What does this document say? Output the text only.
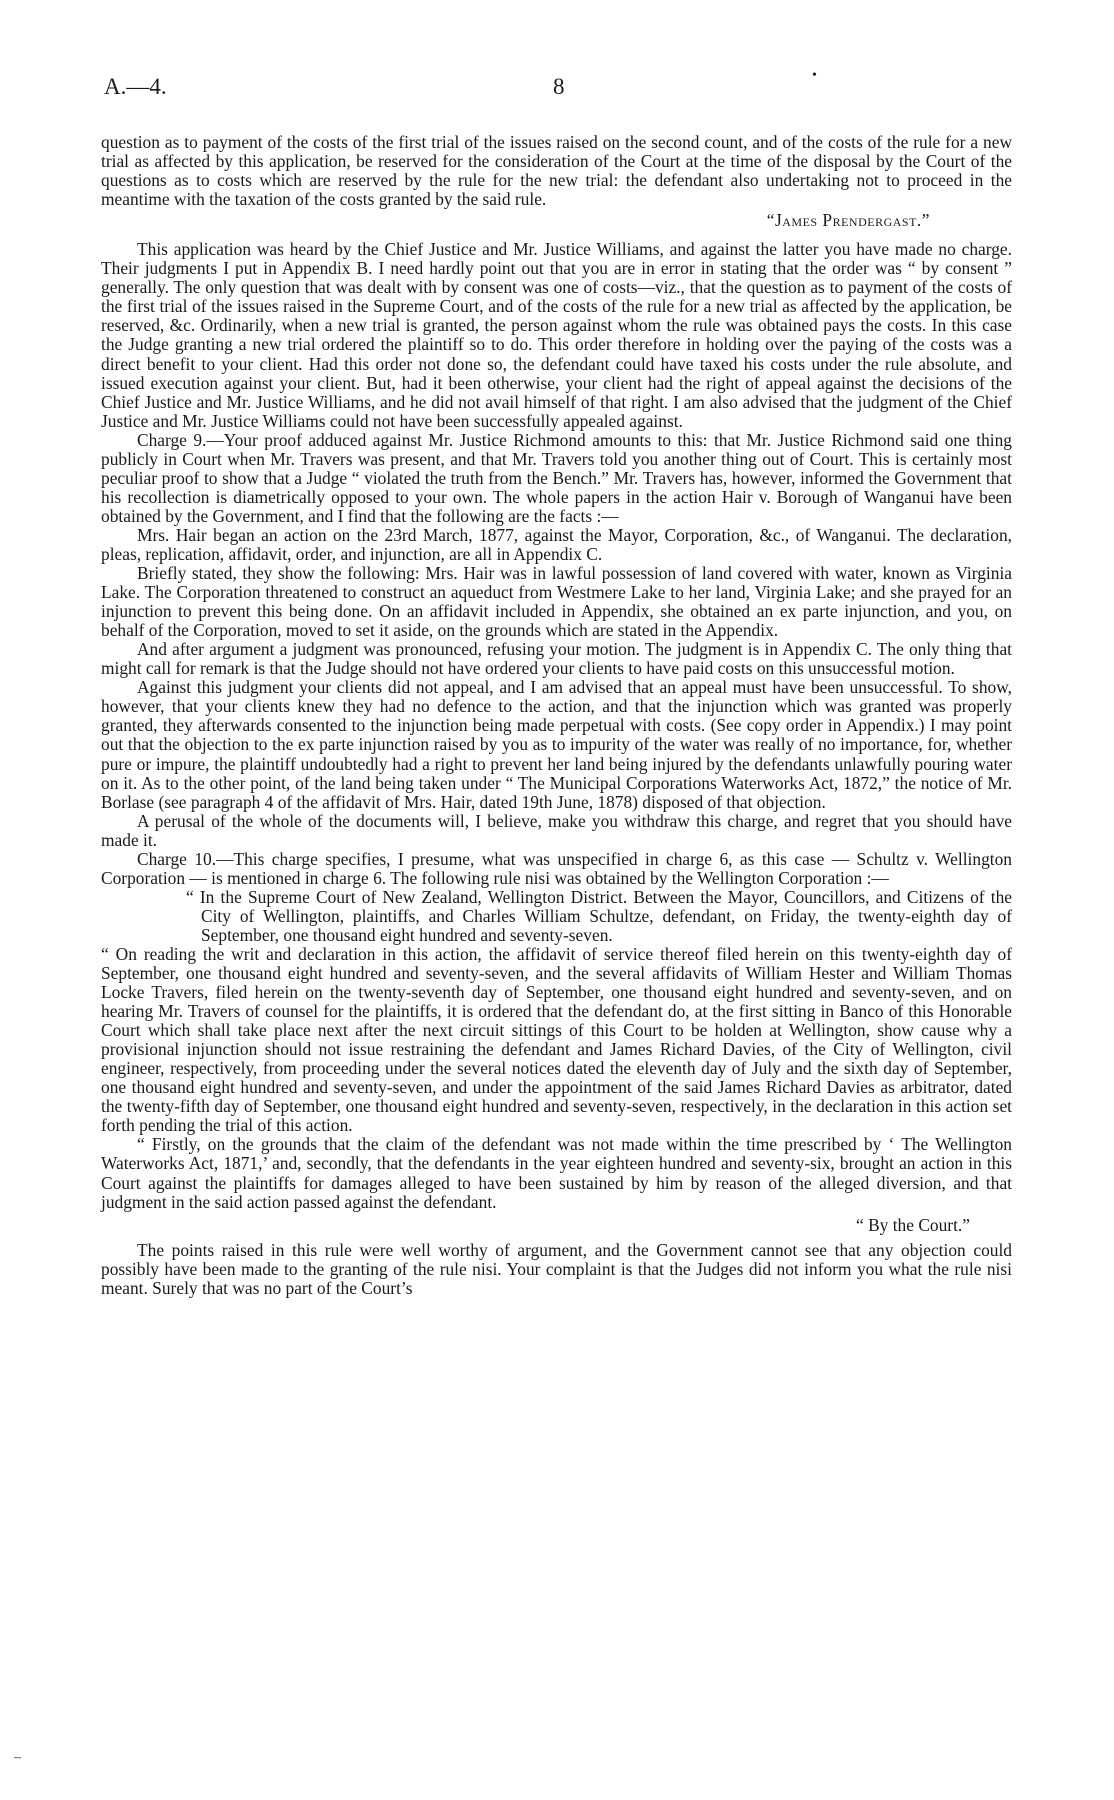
A.—4.	8	•

question as to payment of the costs of the first trial of the issues raised on the second count, and of the costs of the rule for a new trial as affected by this application, be reserved for the consideration of the Court at the time of the disposal by the Court of the questions as to costs which are reserved by the rule for the new trial: the defendant also undertaking not to proceed in the meantime with the taxation of the costs granted by the said rule.

“James Prendergast.”

This application was heard by the Chief Justice and Mr. Justice Williams, and against the latter you have made no charge. Their judgments I put in Appendix B. I need hardly point out that you are in error in stating that the order was “ by consent ” generally. The only question that was dealt with by consent was one of costs—viz., that the question as to payment of the costs of the first trial of the issues raised in the Supreme Court, and of the costs of the rule for a new trial as affected by the application, be reserved, &c. Ordinarily, when a new trial is granted, the person against whom the rule was obtained pays the costs. In this case the Judge granting a new trial ordered the plaintiff so to do. This order therefore in holding over the paying of the costs was a direct benefit to your client. Had this order not done so, the defendant could have taxed his costs under the rule absolute, and issued execution against your client. But, had it been otherwise, your client had the right of appeal against the decisions of the Chief Justice and Mr. Justice Williams, and he did not avail himself of that right. I am also advised that the judgment of the Chief Justice and Mr. Justice Williams could not have been successfully appealed against.

Charge 9.—Your proof adduced against Mr. Justice Richmond amounts to this: that Mr. Justice Richmond said one thing publicly in Court when Mr. Travers was present, and that Mr. Travers told you another thing out of Court. This is certainly most peculiar proof to show that a Judge “ violated the truth from the Bench.” Mr. Travers has, however, informed the Government that his recollection is diametrically opposed to your own. The whole papers in the action Hair v. Borough of Wanganui have been obtained by the Government, and I find that the following are the facts :—

Mrs. Hair began an action on the 23rd March, 1877, against the Mayor, Corporation, &c., of Wanganui. The declaration, pleas, replication, affidavit, order, and injunction, are all in Appendix C.

Briefly stated, they show the following: Mrs. Hair was in lawful possession of land covered with water, known as Virginia Lake. The Corporation threatened to construct an aqueduct from Westmere Lake to her land, Virginia Lake; and she prayed for an injunction to prevent this being done. On an affidavit included in Appendix, she obtained an ex parte injunction, and you, on behalf of the Corporation, moved to set it aside, on the grounds which are stated in the Appendix.

And after argument a judgment was pronounced, refusing your motion. The judgment is in Appendix C. The only thing that might call for remark is that the Judge should not have ordered your clients to have paid costs on this unsuccessful motion.

Against this judgment your clients did not appeal, and I am advised that an appeal must have been unsuccessful. To show, however, that your clients knew they had no defence to the action, and that the injunction which was granted was properly granted, they afterwards consented to the injunction being made perpetual with costs. (See copy order in Appendix.) I may point out that the objection to the ex parte injunction raised by you as to impurity of the water was really of no importance, for, whether pure or impure, the plaintiff undoubtedly had a right to prevent her land being injured by the defendants unlawfully pouring water on it. As to the other point, of the land being taken under “ The Municipal Corporations Waterworks Act, 1872,” the notice of Mr. Borlase (see paragraph 4 of the affidavit of Mrs. Hair, dated 19th June, 1878) disposed of that objection.

A perusal of the whole of the documents will, I believe, make you withdraw this charge, and regret that you should have made it.

Charge 10.—This charge specifies, I presume, what was unspecified in charge 6, as this case — Schultz v. Wellington Corporation — is mentioned in charge 6. The following rule nisi was obtained by the Wellington Corporation :—

“ In the Supreme Court of New Zealand, Wellington District. Between the Mayor, Councillors, and Citizens of the City of Wellington, plaintiffs, and Charles William Schultze, defendant, on Friday, the twenty-eighth day of September, one thousand eight hundred and seventy-seven.

“ On reading the writ and declaration in this action, the affidavit of service thereof filed herein on this twenty-eighth day of September, one thousand eight hundred and seventy-seven, and the several affidavits of William Hester and William Thomas Locke Travers, filed herein on the twenty-seventh day of September, one thousand eight hundred and seventy-seven, and on hearing Mr. Travers of counsel for the plaintiffs, it is ordered that the defendant do, at the first sitting in Banco of this Honorable Court which shall take place next after the next circuit sittings of this Court to be holden at Wellington, show cause why a provisional injunction should not issue restraining the defendant and James Richard Davies, of the City of Wellington, civil engineer, respectively, from proceeding under the several notices dated the eleventh day of July and the sixth day of September, one thousand eight hundred and seventy-seven, and under the appointment of the said James Richard Davies as arbitrator, dated the twenty-fifth day of September, one thousand eight hundred and seventy-seven, respectively, in the declaration in this action set forth pending the trial of this action.

“ Firstly, on the grounds that the claim of the defendant was not made within the time prescribed by ‘ The Wellington Waterworks Act, 1871,’ and, secondly, that the defendants in the year eighteen hundred and seventy-six, brought an action in this Court against the plaintiffs for damages alleged to have been sustained by him by reason of the alleged diversion, and that judgment in the said action passed against the defendant.

“ By the Court.”

The points raised in this rule were well worthy of argument, and the Government cannot see that any objection could possibly have been made to the granting of the rule nisi. Your complaint is that the Judges did not inform you what the rule nisi meant. Surely that was no part of the Court’s

–
